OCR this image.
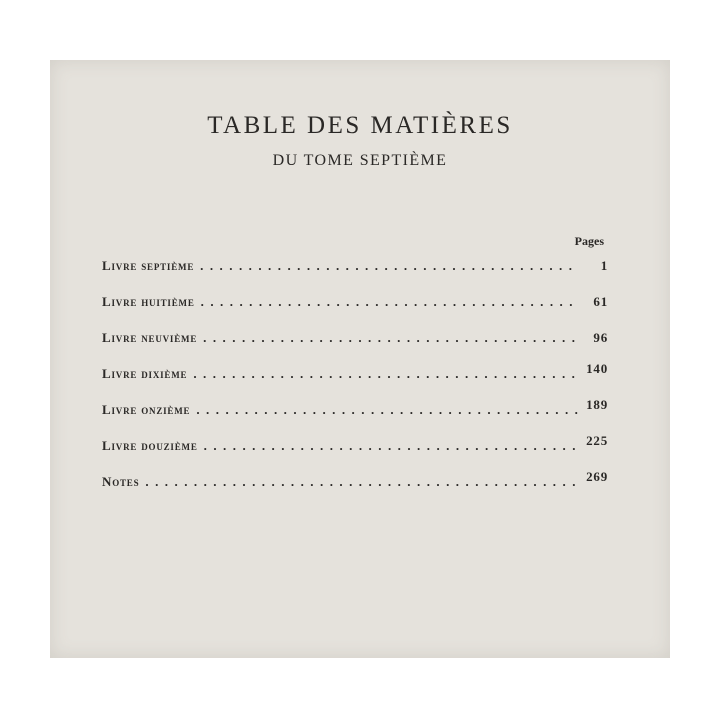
TABLE DES MATIÈRES
DU TOME SEPTIÈME
Pages
Livre septième . . .	1
Livre huitième . . .	61
Livre neuvième . . .	96
Livre dixième . . .	140
Livre onzième . . .	189
Livre douzième . . .	225
Notes . . .	269
